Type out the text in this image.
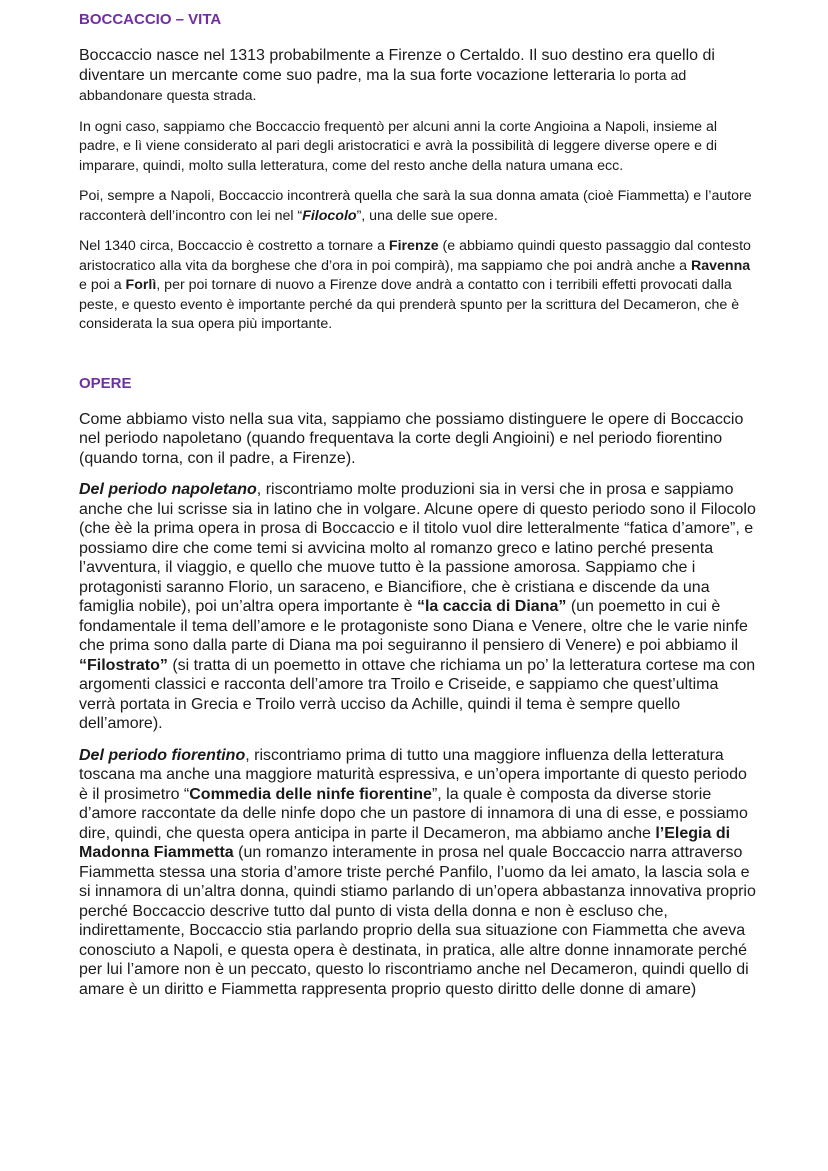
BOCCACCIO – VITA

Boccaccio nasce nel 1313 probabilmente a Firenze o Certaldo. Il suo destino era quello di diventare un mercante come suo padre, ma la sua forte vocazione letteraria lo porta ad abbandonare questa strada.

In ogni caso, sappiamo che Boccaccio frequentò per alcuni anni la corte Angioina a Napoli, insieme al padre, e lì viene considerato al pari degli aristocratici e avrà la possibilità di leggere diverse opere e di imparare, quindi, molto sulla letteratura, come del resto anche della natura umana ecc.

Poi, sempre a Napoli, Boccaccio incontrerà quella che sarà la sua donna amata (cioè Fiammetta) e l’autore racconterà dell’incontro con lei nel “Filocolo”, una delle sue opere.

Nel 1340 circa, Boccaccio è costretto a tornare a Firenze (e abbiamo quindi questo passaggio dal contesto aristocratico alla vita da borghese che d’ora in poi compirà), ma sappiamo che poi andrà anche a Ravenna e poi a Forlì, per poi tornare di nuovo a Firenze dove andrà a contatto con i terribili effetti provocati dalla peste, e questo evento è importante perché da qui prenderà spunto per la scrittura del Decameron, che è considerata la sua opera più importante.

OPERE

Come abbiamo visto nella sua vita, sappiamo che possiamo distinguere le opere di Boccaccio nel periodo napoletano (quando frequentava la corte degli Angioini) e nel periodo fiorentino (quando torna, con il padre, a Firenze).

Del periodo napoletano, riscontriamo molte produzioni sia in versi che in prosa e sappiamo anche che lui scrisse sia in latino che in volgare. Alcune opere di questo periodo sono il Filocolo (che èè la prima opera in prosa di Boccaccio e il titolo vuol dire letteralmente “fatica d’amore”, e possiamo dire che come temi si avvicina molto al romanzo greco e latino perché presenta l’avventura, il viaggio, e quello che muove tutto è la passione amorosa. Sappiamo che i protagonisti saranno Florio, un saraceno, e Biancifiore, che è cristiana e discende da una famiglia nobile), poi un’altra opera importante è “la caccia di Diana” (un poemetto in cui è fondamentale il tema dell’amore e le protagoniste sono Diana e Venere, oltre che le varie ninfe che prima sono dalla parte di Diana ma poi seguiranno il pensiero di Venere) e poi abbiamo il “Filostrato” (si tratta di un poemetto in ottave che richiama un po’ la letteratura cortese ma con argomenti classici e racconta dell’amore tra Troilo e Criseide, e sappiamo che quest’ultima verrà portata in Grecia e Troilo verrà ucciso da Achille, quindi il tema è sempre quello dell’amore).

Del periodo fiorentino, riscontriamo prima di tutto una maggiore influenza della letteratura toscana ma anche una maggiore maturità espressiva, e un’opera importante di questo periodo è il prosimetro “Commedia delle ninfe fiorentine”, la quale è composta da diverse storie d’amore raccontate da delle ninfe dopo che un pastore di innamora di una di esse, e possiamo dire, quindi, che questa opera anticipa in parte il Decameron, ma abbiamo anche l’Elegia di Madonna Fiammetta (un romanzo interamente in prosa nel quale Boccaccio narra attraverso Fiammetta stessa una storia d’amore triste perché Panfilo, l’uomo da lei amato, la lascia sola e si innamora di un’altra donna, quindi stiamo parlando di un’opera abbastanza innovativa proprio perché Boccaccio descrive tutto dal punto di vista della donna e non è escluso che, indirettamente, Boccaccio stia parlando proprio della sua situazione con Fiammetta che aveva conosciuto a Napoli, e questa opera è destinata, in pratica, alle altre donne innamorate perché per lui l’amore non è un peccato, questo lo riscontriamo anche nel Decameron, quindi quello di amare è un diritto e Fiammetta rappresenta proprio questo diritto delle donne di amare)
